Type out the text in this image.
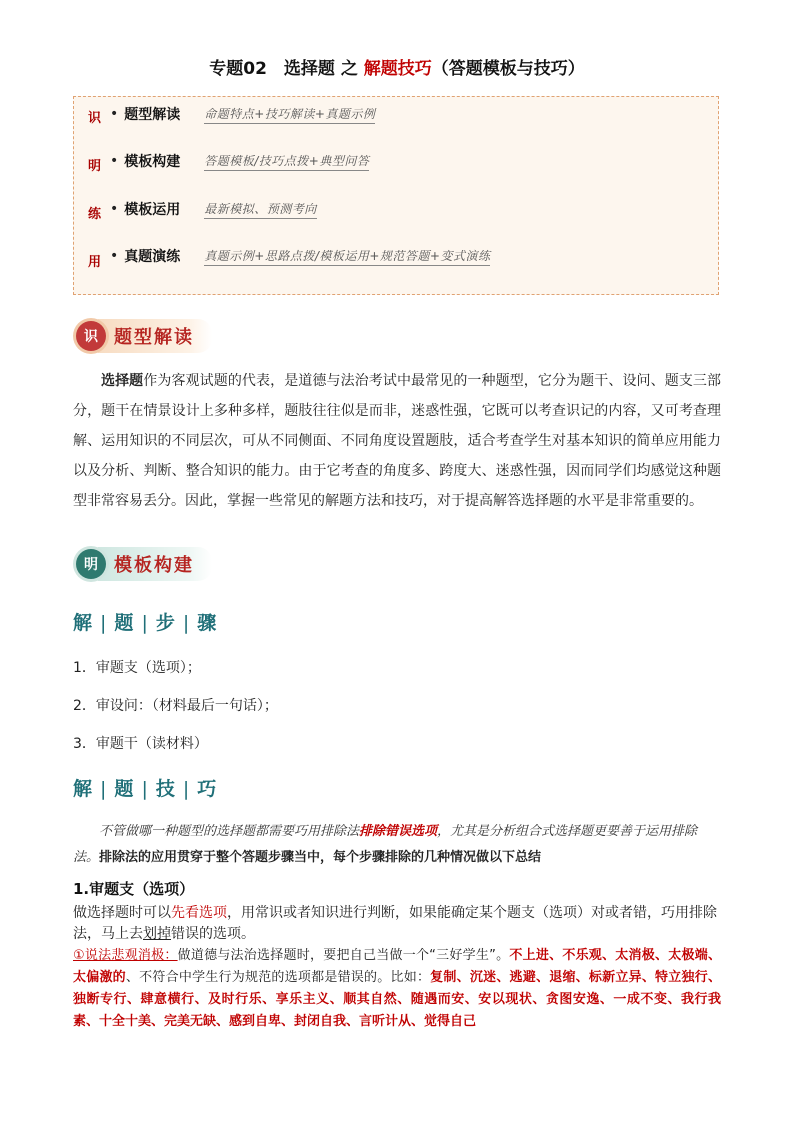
专题02　选择题 之 解题技巧（答题模板与技巧）
识
明
练
用
• 题型解读	命题特点+技巧解读+真题示例
• 模板构建	答题模板/技巧点拨+典型问答
• 模板运用	最新模拟、预测考向
• 真题演练	真题示例+思路点拨/模板运用+规范答题+变式演练
识 题型解读

选择题作为客观试题的代表，是道德与法治考试中最常见的一种题型，它分为题干、设问、题支三部分，题干在情景设计上多种多样，题肢往往似是而非，迷惑性强，它既可以考查识记的内容，又可考查理解、运用知识的不同层次，可从不同侧面、不同角度设置题肢，适合考查学生对基本知识的简单应用能力以及分析、判断、整合知识的能力。由于它考查的角度多、跨度大、迷惑性强，因而同学们均感觉这种题型非常容易丢分。因此，掌握一些常见的解题方法和技巧，对于提高解答选择题的水平是非常重要的。

明 模板构建
解 | 题 | 步 | 骤
1．审题支（选项）；
2．审设问：（材料最后一句话）；
3．审题干（读材料）
解 | 题 | 技 | 巧

不管做哪一种题型的选择题都需要巧用排除法排除错误选项，尤其是分析组合式选择题更要善于运用排除法。排除法的应用贯穿于整个答题步骤当中，每个步骤排除的几种情况做以下总结

1.审题支（选项）

做选择题时可以先看选项，用常识或者知识进行判断，如果能确定某个题支（选项）对或者错，巧用排除法，马上去划掉错误的选项。

①说法悲观消极：做道德与法治选择题时，要把自己当做一个“三好学生”。不上进、不乐观、太消极、太极端、太偏激的、不符合中学生行为规范的选项都是错误的。比如：复制、沉迷、逃避、退缩、标新立异、特立独行、独断专行、肆意横行、及时行乐、享乐主义、顺其自然、随遇而安、安以现状、贪图安逸、一成不变、我行我素、十全十美、完美无缺、感到自卑、封闭自我、言听计从、觉得自己
